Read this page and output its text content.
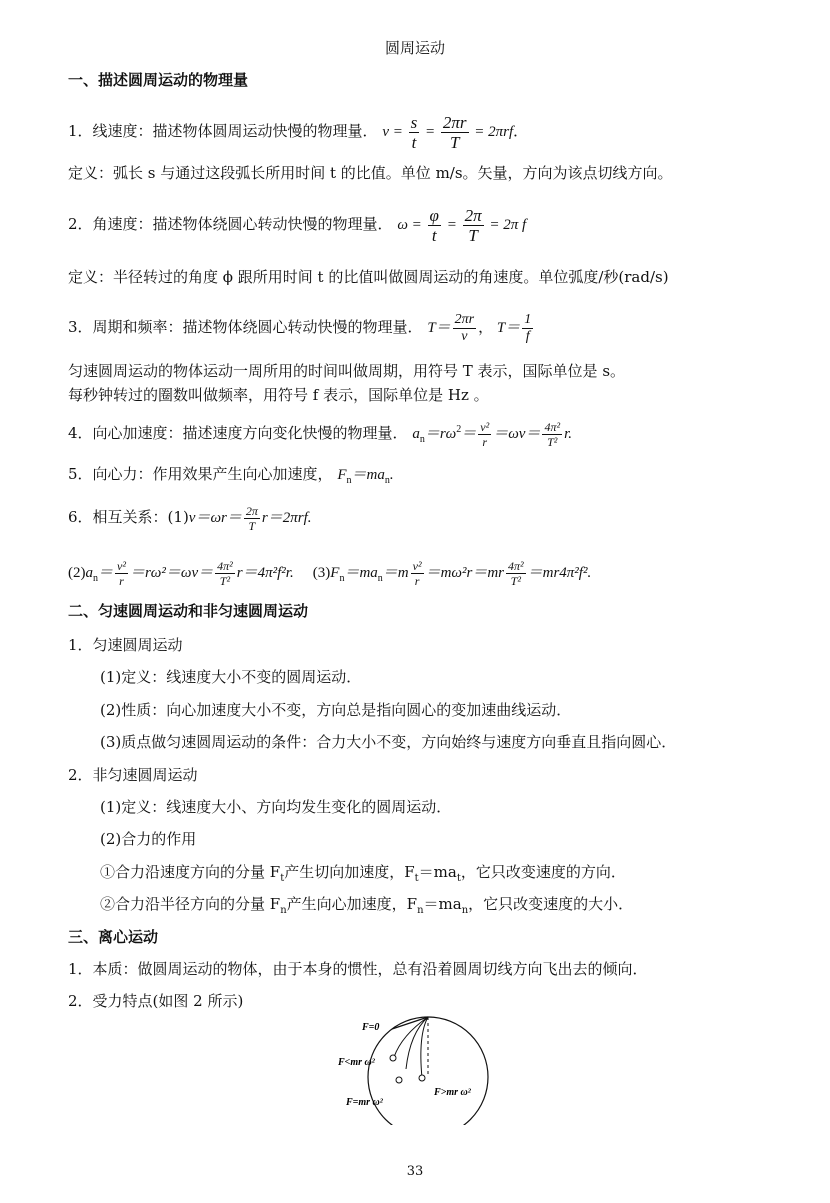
圆周运动
一、描述圆周运动的物理量
1．线速度：描述物体圆周运动快慢的物理量． $v = \frac{s}{t} = \frac{2\pi r}{T} = 2\pi rf$．
定义：弧长 s 与通过这段弧长所用时间 t 的比值。单位 m/s。矢量，方向为该点切线方向。
2．角速度：描述物体绕圆心转动快慢的物理量． $\omega = \frac{\varphi}{t} = \frac{2\pi}{T} = 2\pi$ f
定义：半径转过的角度 ϕ 跟所用时间 t 的比值叫做圆周运动的角速度。单位弧度/秒(rad/s)
3．周期和频率：描述物体绕圆心转动快慢的物理量． $T= \frac{2\pi r}{v}$ ， $T= \frac{1}{f}$
匀速圆周运动的物体运动一周所用的时间叫做周期，用符号 T 表示，国际单位是 s。
每秒钟转过的圈数叫做频率，用符号 f 表示，国际单位是 Hz 。
4．向心加速度：描述速度方向变化快慢的物理量． $a_n=r\omega^2= \frac{\text{v²}}{r} =\omega v= \frac{\text{4π²}}{\text{T²}} r$.
5．向心力：作用效果产生向心加速度， $F_n=ma_n$.
6．相互关系：$(1)v=\omega r= \frac{2\pi}{T} r=2\pi rf$.
$(2)a_n= \frac{\text{v²}}{r} =r\omega^2=\omega v= \frac{\text{4π²}}{\text{T²}} r=4\pi^2f^2r$. $(3)F_n=ma_n=m \frac{\text{v²}}{r} =m\omega^2r=mr \frac{\text{4π²}}{\text{T²}} =mr4\pi^2f^2$.
二、匀速圆周运动和非匀速圆周运动
1．匀速圆周运动
(1)定义：线速度大小不变的圆周运动．
(2)性质：向心加速度大小不变，方向总是指向圆心的变加速曲线运动．
(3)质点做匀速圆周运动的条件：合力大小不变，方向始终与速度方向垂直且指向圆心．
2．非匀速圆周运动
(1)定义：线速度大小、方向均发生变化的圆周运动．
(2)合力的作用
①合力沿速度方向的分量 $F_t$产生切向加速度，$F_t=ma_t$，它只改变速度的方向．
②合力沿半径方向的分量 $F_n$产生向心加速度，$F_n=ma_n$，它只改变速度的大小．
三、离心运动
1．本质：做圆周运动的物体，由于本身的惯性，总有沿着圆周切线方向飞出去的倾向．
2．受力特点(如图 2 所示)
F=0
F<mr ω²
F>mr ω²
F=mr ω²
33
